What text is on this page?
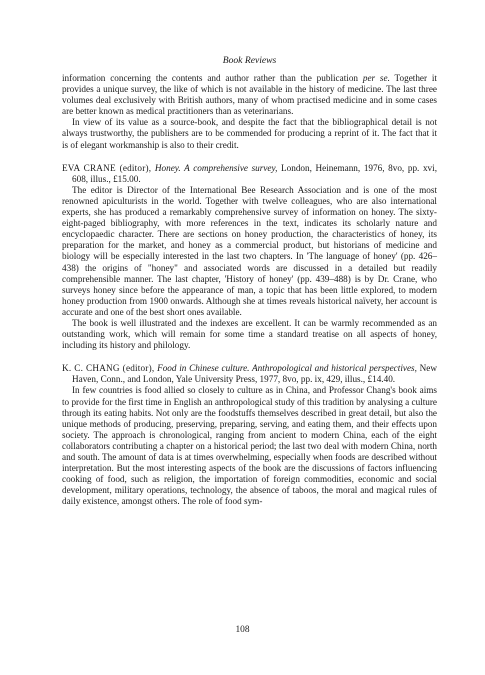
Book Reviews

information concerning the contents and author rather than the publication per se. Together it provides a unique survey, the like of which is not available in the history of medicine. The last three volumes deal exclusively with British authors, many of whom practised medicine and in some cases are better known as medical practitioners than as veterinarians.

In view of its value as a source-book, and despite the fact that the bibliographical detail is not always trustworthy, the publishers are to be commended for producing a reprint of it. The fact that it is of elegant workmanship is also to their credit.

EVA CRANE (editor), Honey. A comprehensive survey, London, Heinemann, 1976, 8vo, pp. xvi, 608, illus., £15.00.

The editor is Director of the International Bee Research Association and is one of the most renowned apiculturists in the world. Together with twelve colleagues, who are also international experts, she has produced a remarkably comprehensive survey of information on honey. The sixty-eight-paged bibliography, with more references in the text, indicates its scholarly nature and encyclopaedic character. There are sections on honey production, the characteristics of honey, its preparation for the market, and honey as a commercial product, but historians of medicine and biology will be especially interested in the last two chapters. In 'The language of honey' (pp. 426–438) the origins of "honey" and associated words are discussed in a detailed but readily comprehensible manner. The last chapter, 'History of honey' (pp. 439–488) is by Dr. Crane, who surveys honey since before the appearance of man, a topic that has been little explored, to modern honey production from 1900 onwards. Although she at times reveals historical naïvety, her account is accurate and one of the best short ones available.

The book is well illustrated and the indexes are excellent. It can be warmly recommended as an outstanding work, which will remain for some time a standard treatise on all aspects of honey, including its history and philology.

K. C. CHANG (editor), Food in Chinese culture. Anthropological and historical perspectives, New Haven, Conn., and London, Yale University Press, 1977, 8vo, pp. ix, 429, illus., £14.40.

In few countries is food allied so closely to culture as in China, and Professor Chang's book aims to provide for the first time in English an anthropological study of this tradition by analysing a culture through its eating habits. Not only are the foodstuffs themselves described in great detail, but also the unique methods of producing, preserving, preparing, serving, and eating them, and their effects upon society. The approach is chronological, ranging from ancient to modern China, each of the eight collaborators contributing a chapter on a historical period; the last two deal with modern China, north and south. The amount of data is at times overwhelming, especially when foods are described without interpretation. But the most interesting aspects of the book are the discussions of factors influencing cooking of food, such as religion, the importation of foreign commodities, economic and social development, military operations, technology, the absence of taboos, the moral and magical rules of daily existence, amongst others. The role of food sym-

108
